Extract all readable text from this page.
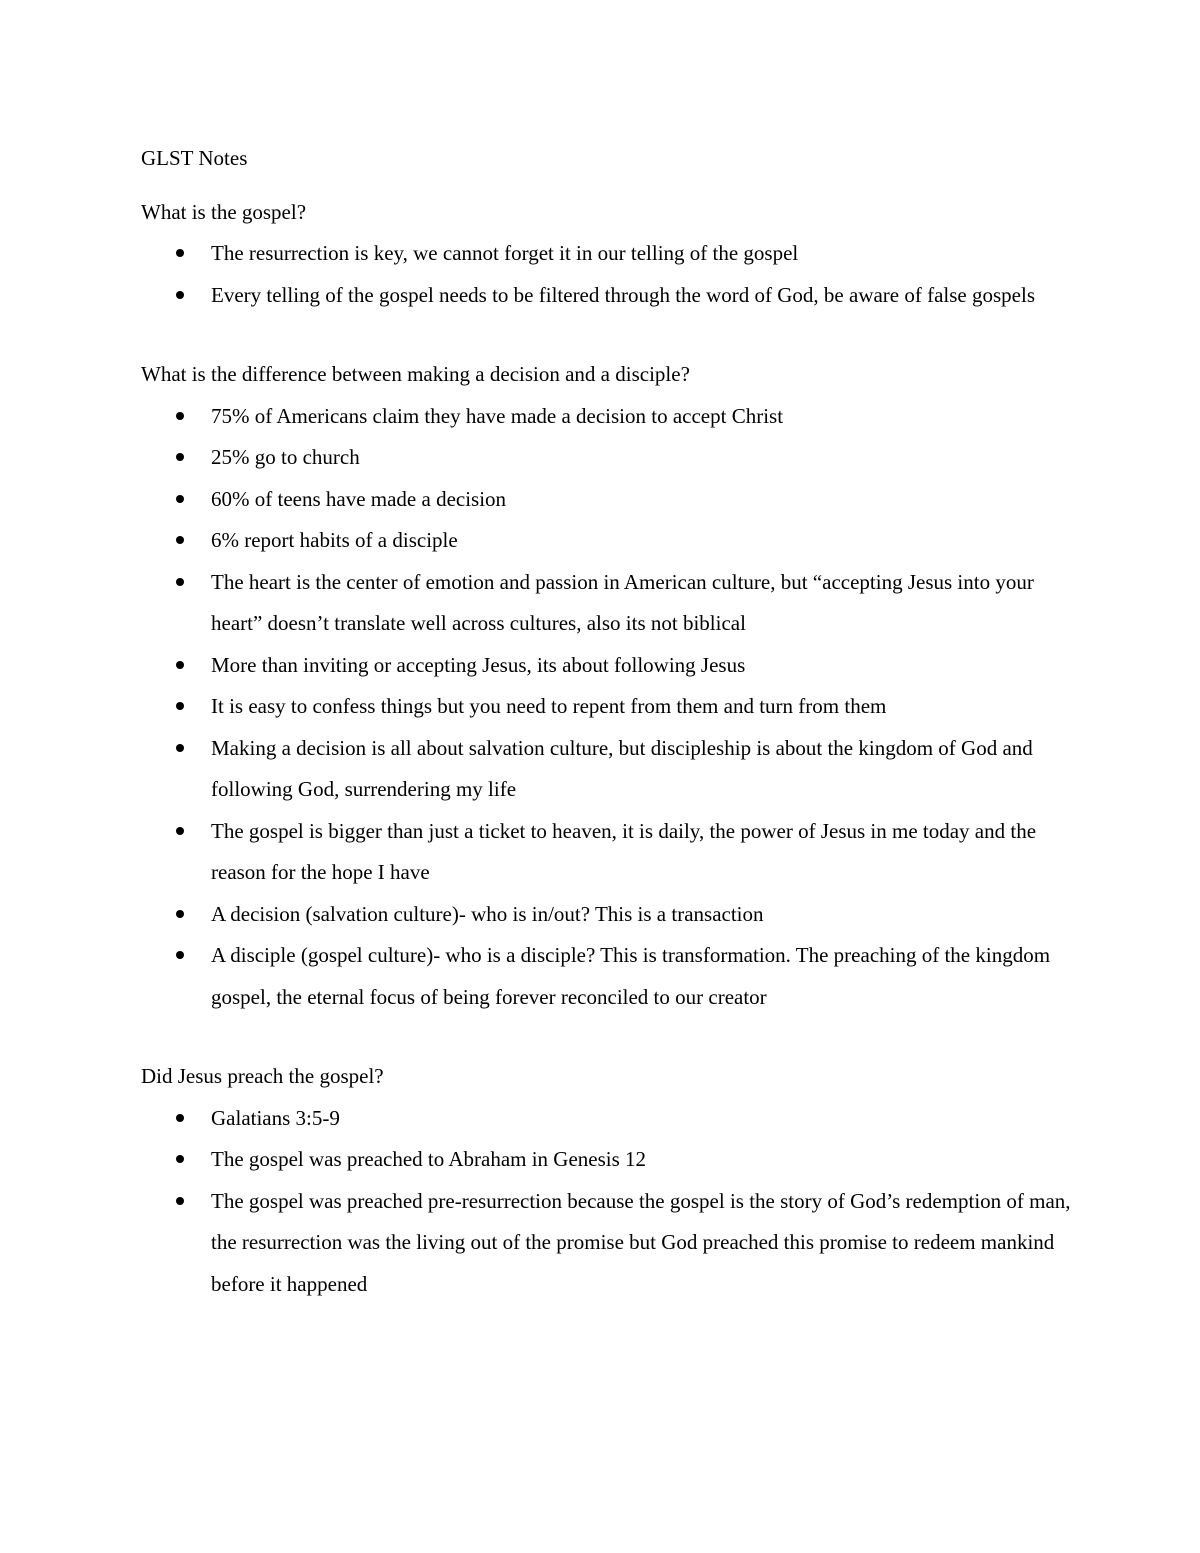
GLST Notes
What is the gospel?
The resurrection is key, we cannot forget it in our telling of the gospel
Every telling of the gospel needs to be filtered through the word of God, be aware of false gospels
What is the difference between making a decision and a disciple?
75% of Americans claim they have made a decision to accept Christ
25% go to church
60% of teens have made a decision
6% report habits of a disciple
The heart is the center of emotion and passion in American culture, but “accepting Jesus into your heart” doesn’t translate well across cultures, also its not biblical
More than inviting or accepting Jesus, its about following Jesus
It is easy to confess things but you need to repent from them and turn from them
Making a decision is all about salvation culture, but discipleship is about the kingdom of God and following God, surrendering my life
The gospel is bigger than just a ticket to heaven, it is daily, the power of Jesus in me today and the reason for the hope I have
A decision (salvation culture)- who is in/out? This is a transaction
A disciple (gospel culture)- who is a disciple? This is transformation. The preaching of the kingdom gospel, the eternal focus of being forever reconciled to our creator
Did Jesus preach the gospel?
Galatians 3:5-9
The gospel was preached to Abraham in Genesis 12
The gospel was preached pre-resurrection because the gospel is the story of God’s redemption of man, the resurrection was the living out of the promise but God preached this promise to redeem mankind before it happened
